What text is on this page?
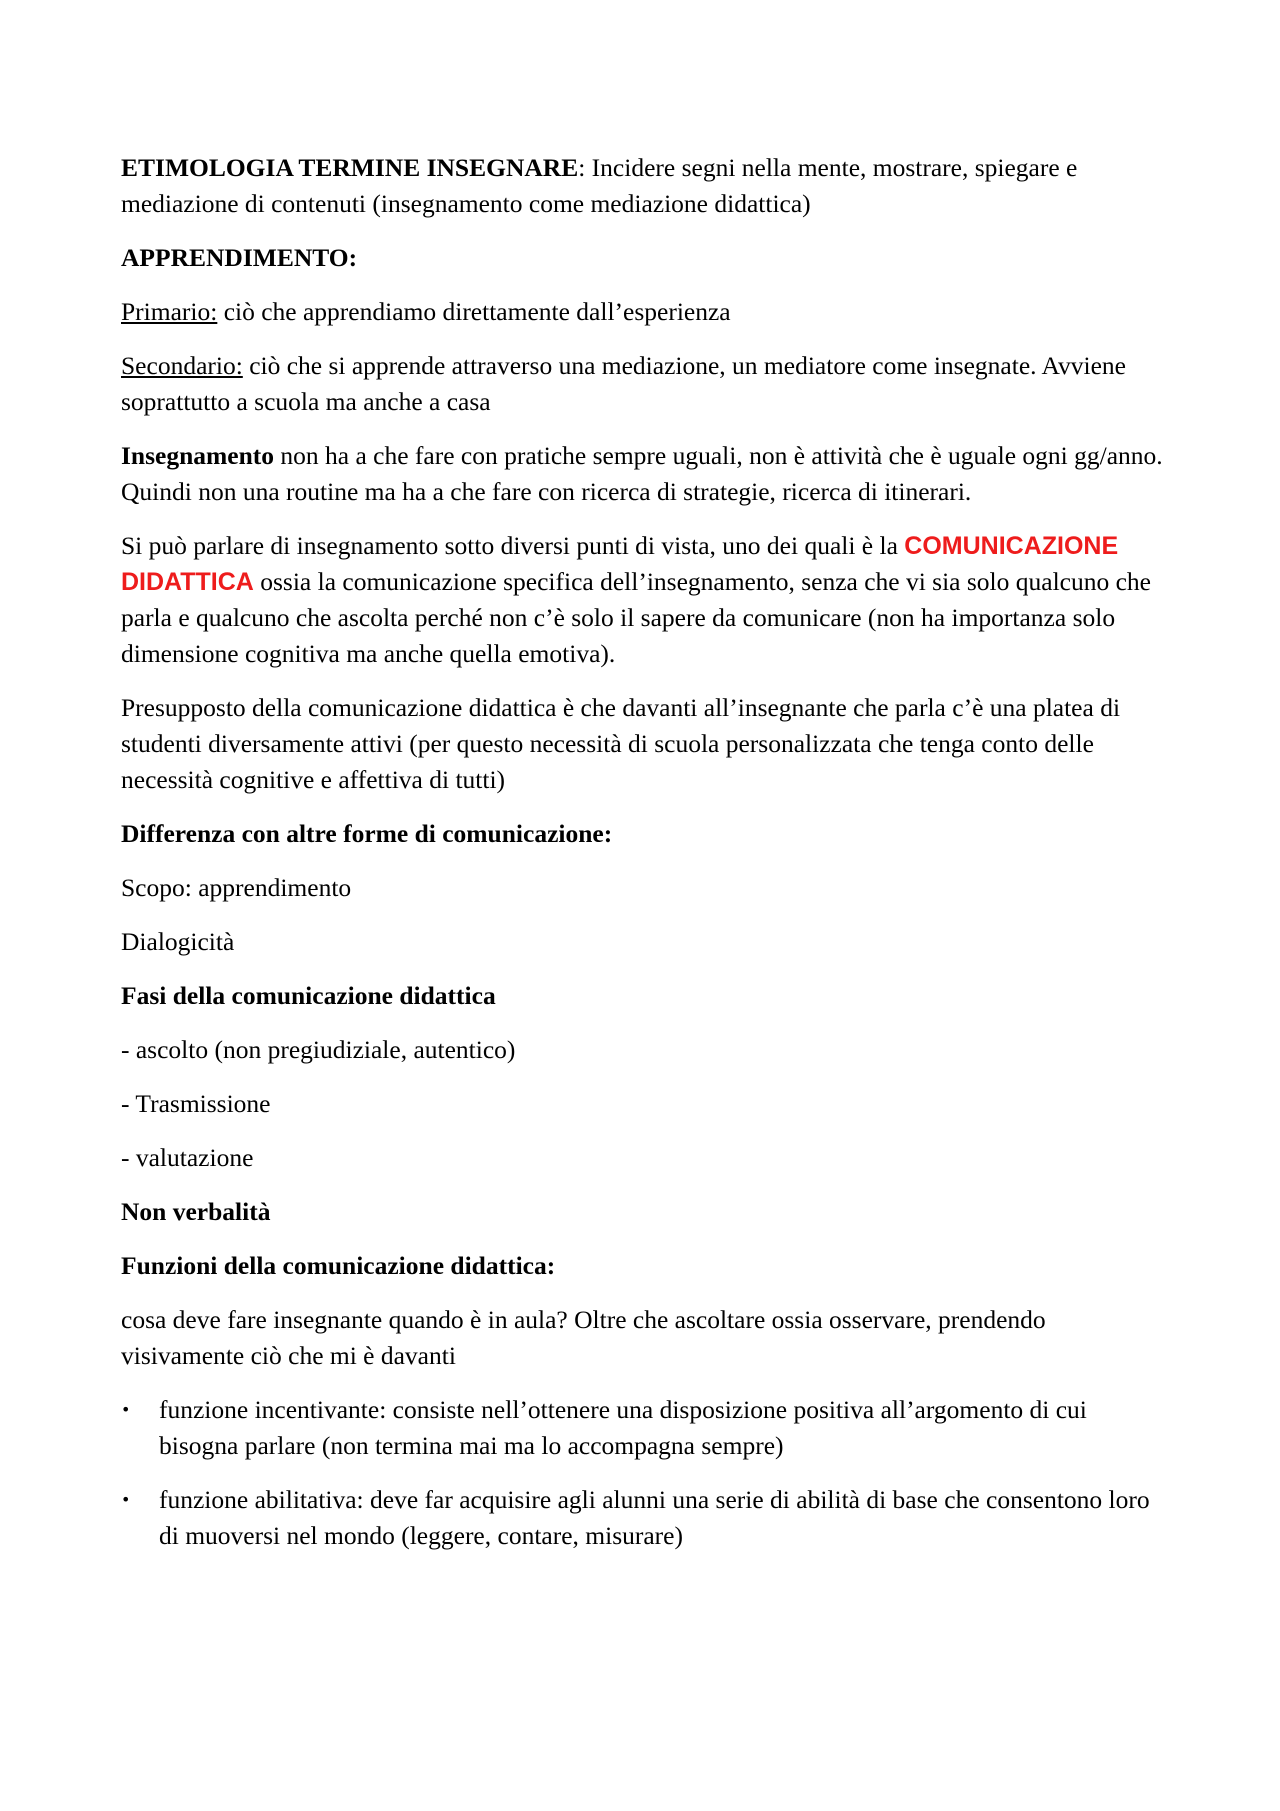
ETIMOLOGIA TERMINE INSEGNARE: Incidere segni nella mente, mostrare, spiegare e mediazione di contenuti (insegnamento come mediazione didattica)

APPRENDIMENTO:

Primario: ciò che apprendiamo direttamente dall’esperienza

Secondario: ciò che si apprende attraverso una mediazione, un mediatore come insegnate. Avviene soprattutto a scuola ma anche a casa

Insegnamento non ha a che fare con pratiche sempre uguali, non è attività che è uguale ogni gg/anno. Quindi non una routine ma ha a che fare con ricerca di strategie, ricerca di itinerari.

Si può parlare di insegnamento sotto diversi punti di vista, uno dei quali è la COMUNICAZIONE DIDATTICA ossia la comunicazione specifica dell’insegnamento, senza che vi sia solo qualcuno che parla e qualcuno che ascolta perché non c’è solo il sapere da comunicare (non ha importanza solo dimensione cognitiva ma anche quella emotiva).

Presupposto della comunicazione didattica è che davanti all’insegnante che parla c’è una platea di studenti diversamente attivi (per questo necessità di scuola personalizzata che tenga conto delle necessità cognitive e affettiva di tutti)

Differenza con altre forme di comunicazione:

Scopo: apprendimento

Dialogicità

Fasi della comunicazione didattica

- ascolto (non pregiudiziale, autentico)

- Trasmissione

- valutazione

Non verbalità

Funzioni della comunicazione didattica:

cosa deve fare insegnante quando è in aula? Oltre che ascoltare ossia osservare, prendendo visivamente ciò che mi è davanti

• funzione incentivante: consiste nell’ottenere una disposizione positiva all’argomento di cui bisogna parlare (non termina mai ma lo accompagna sempre)
• funzione abilitativa: deve far acquisire agli alunni una serie di abilità di base che consentono loro di muoversi nel mondo (leggere, contare, misurare)
